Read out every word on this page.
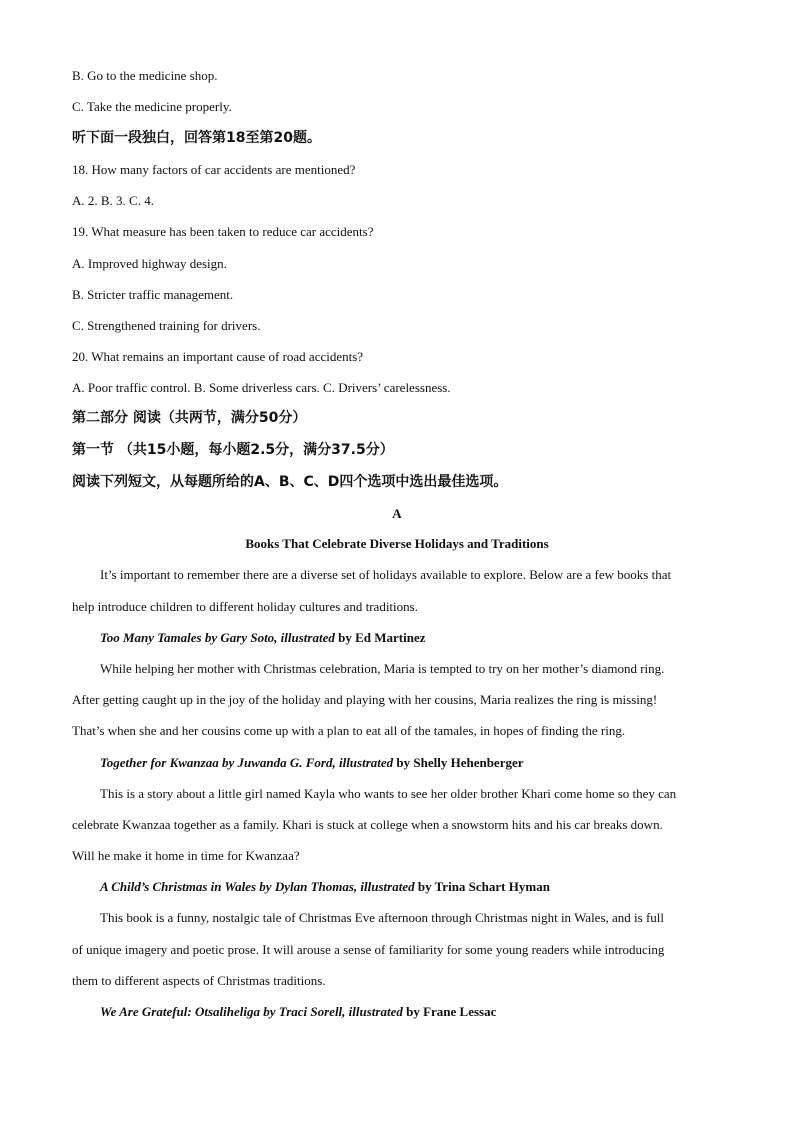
B. Go to the medicine shop.
C. Take the medicine properly.
听下面一段独白，回答第18至第20题。
18. How many factors of car accidents are mentioned?
A. 2. B. 3. C. 4.
19. What measure has been taken to reduce car accidents?
A. Improved highway design.
B. Stricter traffic management.
C. Strengthened training for drivers.
20. What remains an important cause of road accidents?
A. Poor traffic control. B. Some driverless cars. C. Drivers’ carelessness.
第二部分 阅读（共两节，满分50分）
第一节 （共15小题，每小题2.5分，满分37.5分）
阅读下列短文，从每题所给的A、B、C、D四个选项中选出最佳选项。
A
Books That Celebrate Diverse Holidays and Traditions
It’s important to remember there are a diverse set of holidays available to explore. Below are a few books that
help introduce children to different holiday cultures and traditions.
Too Many Tamales by Gary Soto, illustrated by Ed Martinez
While helping her mother with Christmas celebration, Maria is tempted to try on her mother’s diamond ring.
After getting caught up in the joy of the holiday and playing with her cousins, Maria realizes the ring is missing!
That’s when she and her cousins come up with a plan to eat all of the tamales, in hopes of finding the ring.
Together for Kwanzaa by Juwanda G. Ford, illustrated by Shelly Hehenberger
This is a story about a little girl named Kayla who wants to see her older brother Khari come home so they can
celebrate Kwanzaa together as a family. Khari is stuck at college when a snowstorm hits and his car breaks down.
Will he make it home in time for Kwanzaa?
A Child’s Christmas in Wales by Dylan Thomas, illustrated by Trina Schart Hyman
This book is a funny, nostalgic tale of Christmas Eve afternoon through Christmas night in Wales, and is full
of unique imagery and poetic prose. It will arouse a sense of familiarity for some young readers while introducing
them to different aspects of Christmas traditions.
We Are Grateful: Otsaliheliga by Traci Sorell, illustrated by Frane Lessac
